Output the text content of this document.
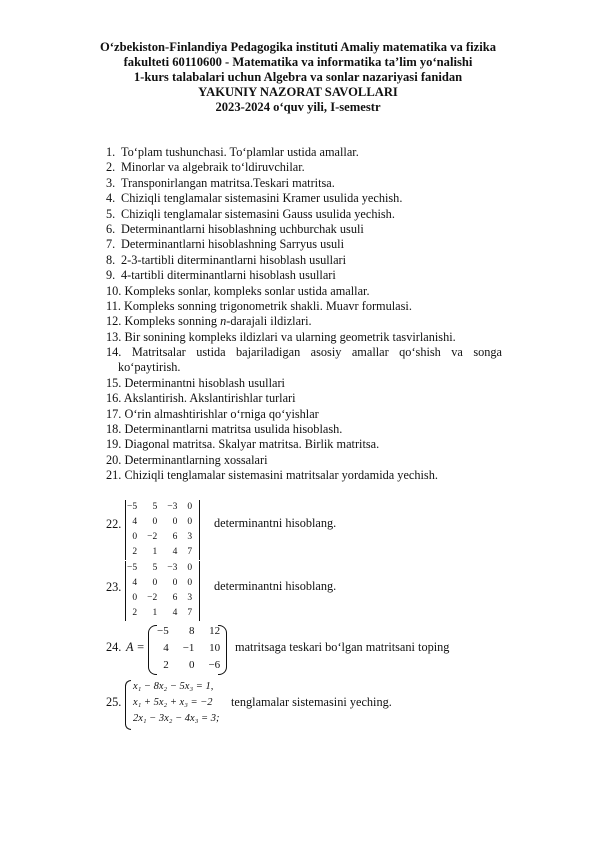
O‘zbekiston-Finlandiya Pedagogika instituti Amaliy matematika va fizika
fakulteti 60110600 - Matematika va informatika ta’lim yo‘nalishi
1-kurs talabalari uchun Algebra va sonlar nazariyasi fanidan
YAKUNIY NAZORAT SAVOLLARI
2023-2024 o‘quv yili, I-semestr
1. To‘plam tushunchasi. To‘plamlar ustida amallar.
2. Minorlar va algebraik to‘ldiruvchilar.
3. Transponirlangan matritsa.Teskari matritsa.
4. Chiziqli tenglamalar sistemasini Kramer usulida yechish.
5. Chiziqli tenglamalar sistemasini Gauss usulida yechish.
6. Determinantlarni hisoblashning uchburchak usuli
7. Determinantlarni hisoblashning Sarryus usuli
8. 2-3-tartibli diterminantlarni hisoblash usullari
9. 4-tartibli diterminantlarni hisoblash usullari
10. Kompleks sonlar, kompleks sonlar ustida amallar.
11. Kompleks sonning trigonometrik shakli. Muavr formulasi.
12. Kompleks sonning n-darajali ildizlari.
13. Bir sonining kompleks ildizlari va ularning geometrik tasvirlanishi.
14. Matritsalar ustida bajariladigan asosiy amallar qo‘shish va songa
ko‘paytirish.
15. Determinantni hisoblash usullari
16. Akslantirish. Akslantirishlar turlari
17. O‘rin almashtirishlar o‘rniga qo‘yishlar
18. Determinantlarni matritsa usulida hisoblash.
19. Diagonal matritsa. Skalyar matritsa. Birlik matritsa.
20. Determinantlarning xossalari
21. Chiziqli tenglamalar sistemasini matritsalar yordamida yechish.
22.
−5	5	−3	0
4	0	0	0
0	−2	6	3
2	1	4	7
determinantni hisoblang.
23.
−5	5	−3	0
4	0	0	0
0	−2	6	3
2	1	4	7
determinantni hisoblang.
24. A =
−5	8	12
4	−1	10
2	0	−6
matritsaga teskari bo‘lgan matritsani toping
25.
x₁ − 8x₂ − 5x₃ = 1,
x₁ + 5x₂ + x₃ = −2
2x₁ − 3x₂ − 4x₃ = 3;
tenglamalar sistemasini yeching.
